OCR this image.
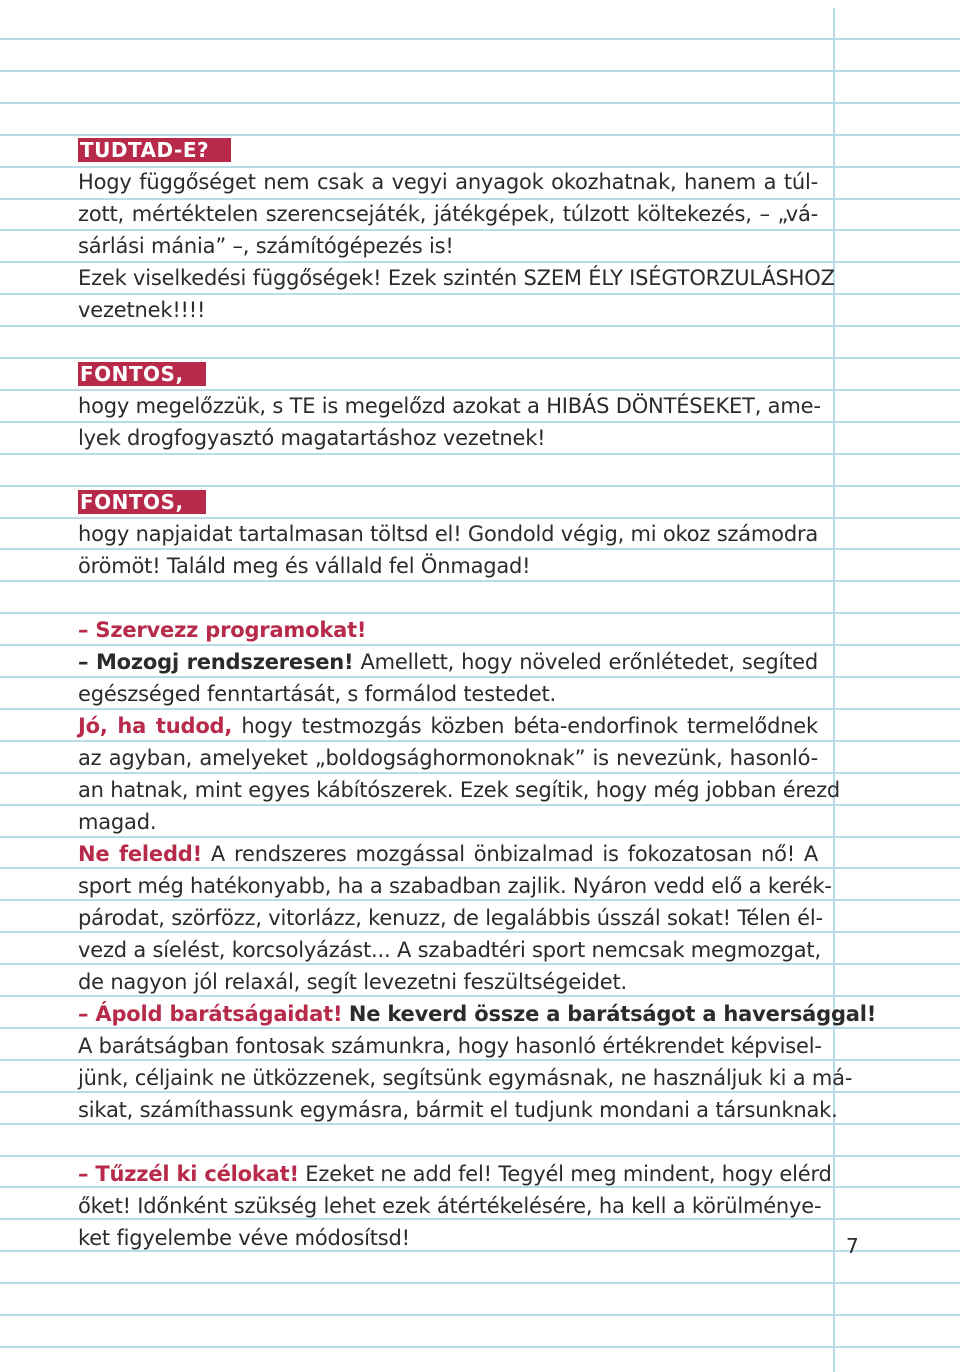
TUDTAD-E?
Hogy függőséget nem csak a vegyi anyagok okozhatnak, hanem a túl-
zott, mértéktelen szerencsejáték, játékgépek, túlzott költekezés, – „vá-
sárlási mánia” –, számítógépezés is!
Ezek viselkedési függőségek! Ezek szintén SZEM ÉLY ISÉGTORZULÁSHOZ
vezetnek!!!!
FONTOS,
hogy megelőzzük, s TE is megelőzd azokat a HIBÁS DÖNTÉSEKET, ame-
lyek drogfogyasztó magatartáshoz vezetnek!
FONTOS,
hogy napjaidat tartalmasan töltsd el! Gondold végig, mi okoz számodra
örömöt! Találd meg és vállald fel Önmagad!
– Szervezz programokat!
– Mozogj rendszeresen! Amellett, hogy növeled erőnlétedet, segíted
egészséged fenntartását, s formálod testedet.
Jó, ha tudod, hogy testmozgás közben béta-endorfinok termelődnek
az agyban, amelyeket „boldogsághormonoknak” is nevezünk, hasonló-
an hatnak, mint egyes kábítószerek. Ezek segítik, hogy még jobban érezd
magad.
Ne feledd! A rendszeres mozgással önbizalmad is fokozatosan nő! A
sport még hatékonyabb, ha a szabadban zajlik. Nyáron vedd elő a kerék-
párodat, szörfözz, vitorlázz, kenuzz, de legalábbis ússzál sokat! Télen él-
vezd a síelést, korcsolyázást... A szabadtéri sport nemcsak megmozgat,
de nagyon jól relaxál, segít levezetni feszültségeidet.
– Ápold barátságaidat! Ne keverd össze a barátságot a haversággal!
A barátságban fontosak számunkra, hogy hasonló értékrendet képvisel-
jünk, céljaink ne ütközzenek, segítsünk egymásnak, ne használjuk ki a má-
sikat, számíthassunk egymásra, bármit el tudjunk mondani a társunknak.
– Tűzzél ki célokat! Ezeket ne add fel! Tegyél meg mindent, hogy elérd
őket! Időnként szükség lehet ezek átértékelésére, ha kell a körülménye-
ket figyelembe véve módosítsd!	7
